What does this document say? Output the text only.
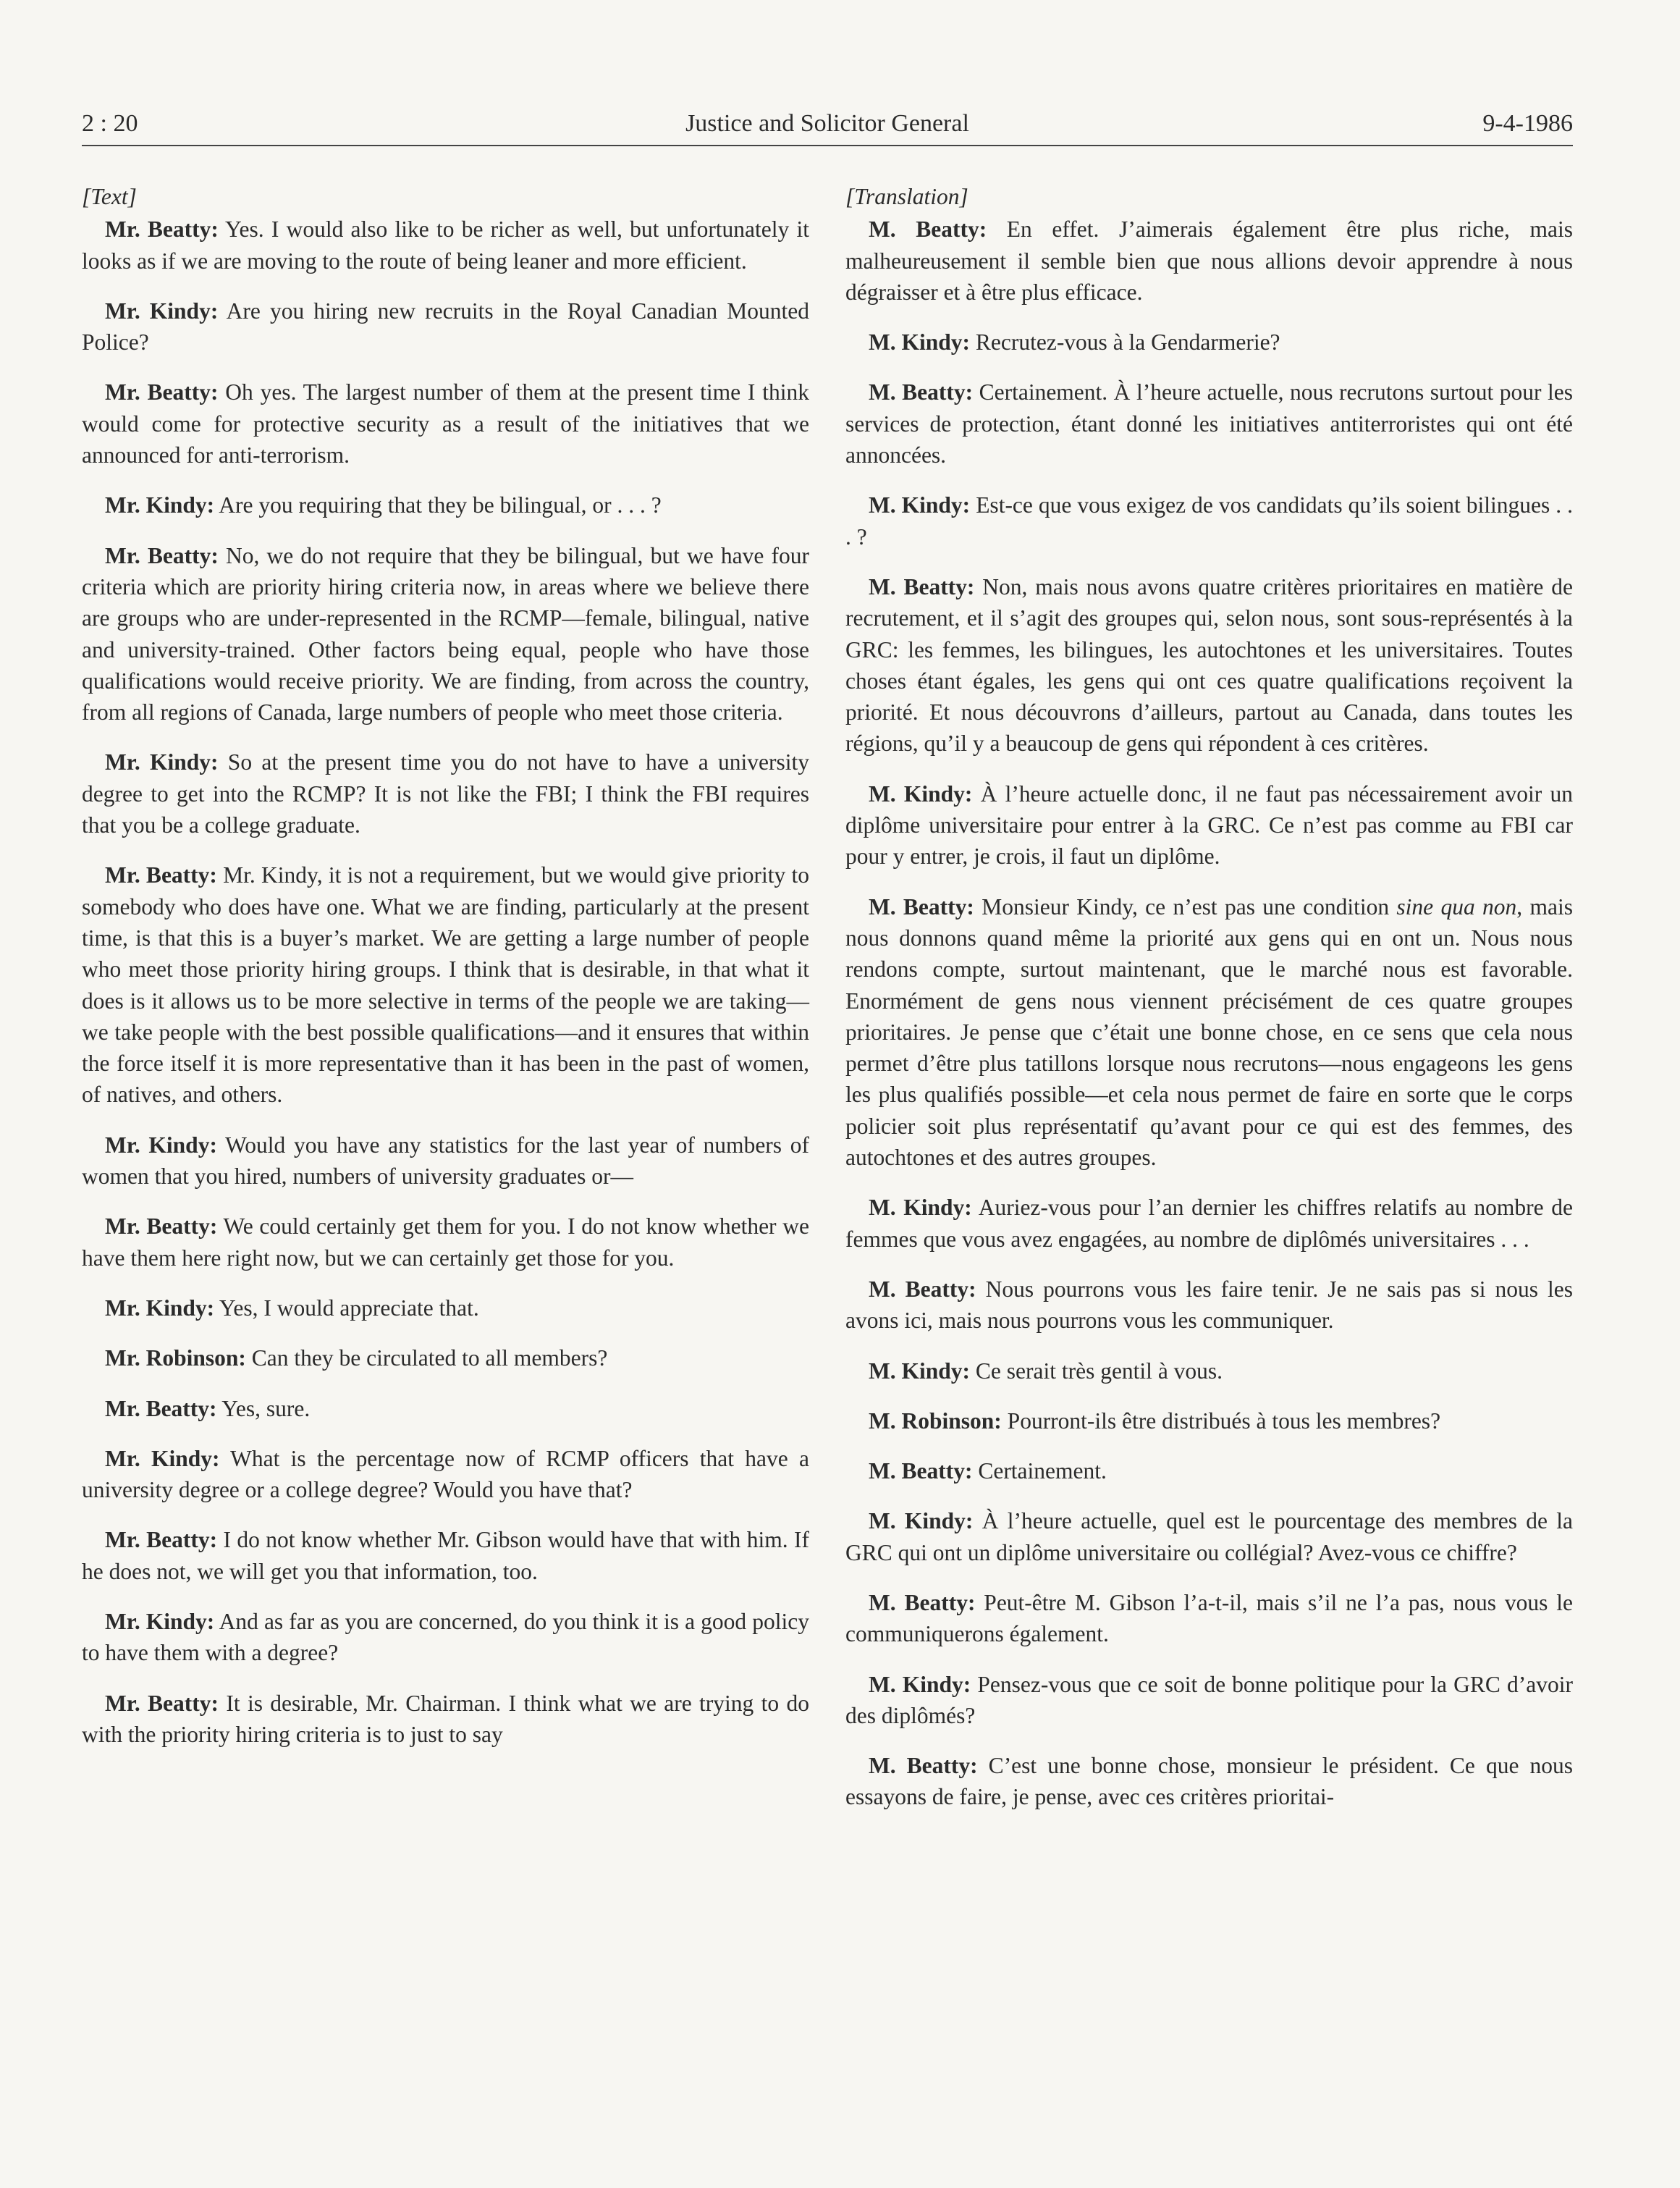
2 : 20	Justice and Solicitor General	9-4-1986
[Text]

Mr. Beatty: Yes. I would also like to be richer as well, but unfortunately it looks as if we are moving to the route of being leaner and more efficient.

Mr. Kindy: Are you hiring new recruits in the Royal Canadian Mounted Police?

Mr. Beatty: Oh yes. The largest number of them at the present time I think would come for protective security as a result of the initiatives that we announced for anti-terrorism.

Mr. Kindy: Are you requiring that they be bilingual, or . . . ?

Mr. Beatty: No, we do not require that they be bilingual, but we have four criteria which are priority hiring criteria now, in areas where we believe there are groups who are under-represented in the RCMP—female, bilingual, native and university-trained. Other factors being equal, people who have those qualifications would receive priority. We are finding, from across the country, from all regions of Canada, large numbers of people who meet those criteria.

Mr. Kindy: So at the present time you do not have to have a university degree to get into the RCMP? It is not like the FBI; I think the FBI requires that you be a college graduate.

Mr. Beatty: Mr. Kindy, it is not a requirement, but we would give priority to somebody who does have one. What we are finding, particularly at the present time, is that this is a buyer’s market. We are getting a large number of people who meet those priority hiring groups. I think that is desirable, in that what it does is it allows us to be more selective in terms of the people we are taking—we take people with the best possible qualifications—and it ensures that within the force itself it is more representative than it has been in the past of women, of natives, and others.

Mr. Kindy: Would you have any statistics for the last year of numbers of women that you hired, numbers of university graduates or—

Mr. Beatty: We could certainly get them for you. I do not know whether we have them here right now, but we can certainly get those for you.

Mr. Kindy: Yes, I would appreciate that.

Mr. Robinson: Can they be circulated to all members?

Mr. Beatty: Yes, sure.

Mr. Kindy: What is the percentage now of RCMP officers that have a university degree or a college degree? Would you have that?

Mr. Beatty: I do not know whether Mr. Gibson would have that with him. If he does not, we will get you that information, too.

Mr. Kindy: And as far as you are concerned, do you think it is a good policy to have them with a degree?

Mr. Beatty: It is desirable, Mr. Chairman. I think what we are trying to do with the priority hiring criteria is to just to say

[Translation]

M. Beatty: En effet. J’aimerais également être plus riche, mais malheureusement il semble bien que nous allions devoir apprendre à nous dégraisser et à être plus efficace.

M. Kindy: Recrutez-vous à la Gendarmerie?

M. Beatty: Certainement. À l’heure actuelle, nous recrutons surtout pour les services de protection, étant donné les initiatives antiterroristes qui ont été annoncées.

M. Kindy: Est-ce que vous exigez de vos candidats qu’ils soient bilingues . . . ?

M. Beatty: Non, mais nous avons quatre critères prioritaires en matière de recrutement, et il s’agit des groupes qui, selon nous, sont sous-représentés à la GRC: les femmes, les bilingues, les autochtones et les universitaires. Toutes choses étant égales, les gens qui ont ces quatre qualifications reçoivent la priorité. Et nous découvrons d’ailleurs, partout au Canada, dans toutes les régions, qu’il y a beaucoup de gens qui répondent à ces critères.

M. Kindy: À l’heure actuelle donc, il ne faut pas nécessairement avoir un diplôme universitaire pour entrer à la GRC. Ce n’est pas comme au FBI car pour y entrer, je crois, il faut un diplôme.

M. Beatty: Monsieur Kindy, ce n’est pas une condition sine qua non, mais nous donnons quand même la priorité aux gens qui en ont un. Nous nous rendons compte, surtout maintenant, que le marché nous est favorable. Enormément de gens nous viennent précisément de ces quatre groupes prioritaires. Je pense que c’était une bonne chose, en ce sens que cela nous permet d’être plus tatillons lorsque nous recrutons—nous engageons les gens les plus qualifiés possible—et cela nous permet de faire en sorte que le corps policier soit plus représentatif qu’avant pour ce qui est des femmes, des autochtones et des autres groupes.

M. Kindy: Auriez-vous pour l’an dernier les chiffres relatifs au nombre de femmes que vous avez engagées, au nombre de diplômés universitaires . . .

M. Beatty: Nous pourrons vous les faire tenir. Je ne sais pas si nous les avons ici, mais nous pourrons vous les communiquer.

M. Kindy: Ce serait très gentil à vous.

M. Robinson: Pourront-ils être distribués à tous les membres?

M. Beatty: Certainement.

M. Kindy: À l’heure actuelle, quel est le pourcentage des membres de la GRC qui ont un diplôme universitaire ou collégial? Avez-vous ce chiffre?

M. Beatty: Peut-être M. Gibson l’a-t-il, mais s’il ne l’a pas, nous vous le communiquerons également.

M. Kindy: Pensez-vous que ce soit de bonne politique pour la GRC d’avoir des diplômés?

M. Beatty: C’est une bonne chose, monsieur le président. Ce que nous essayons de faire, je pense, avec ces critères prioritai-
